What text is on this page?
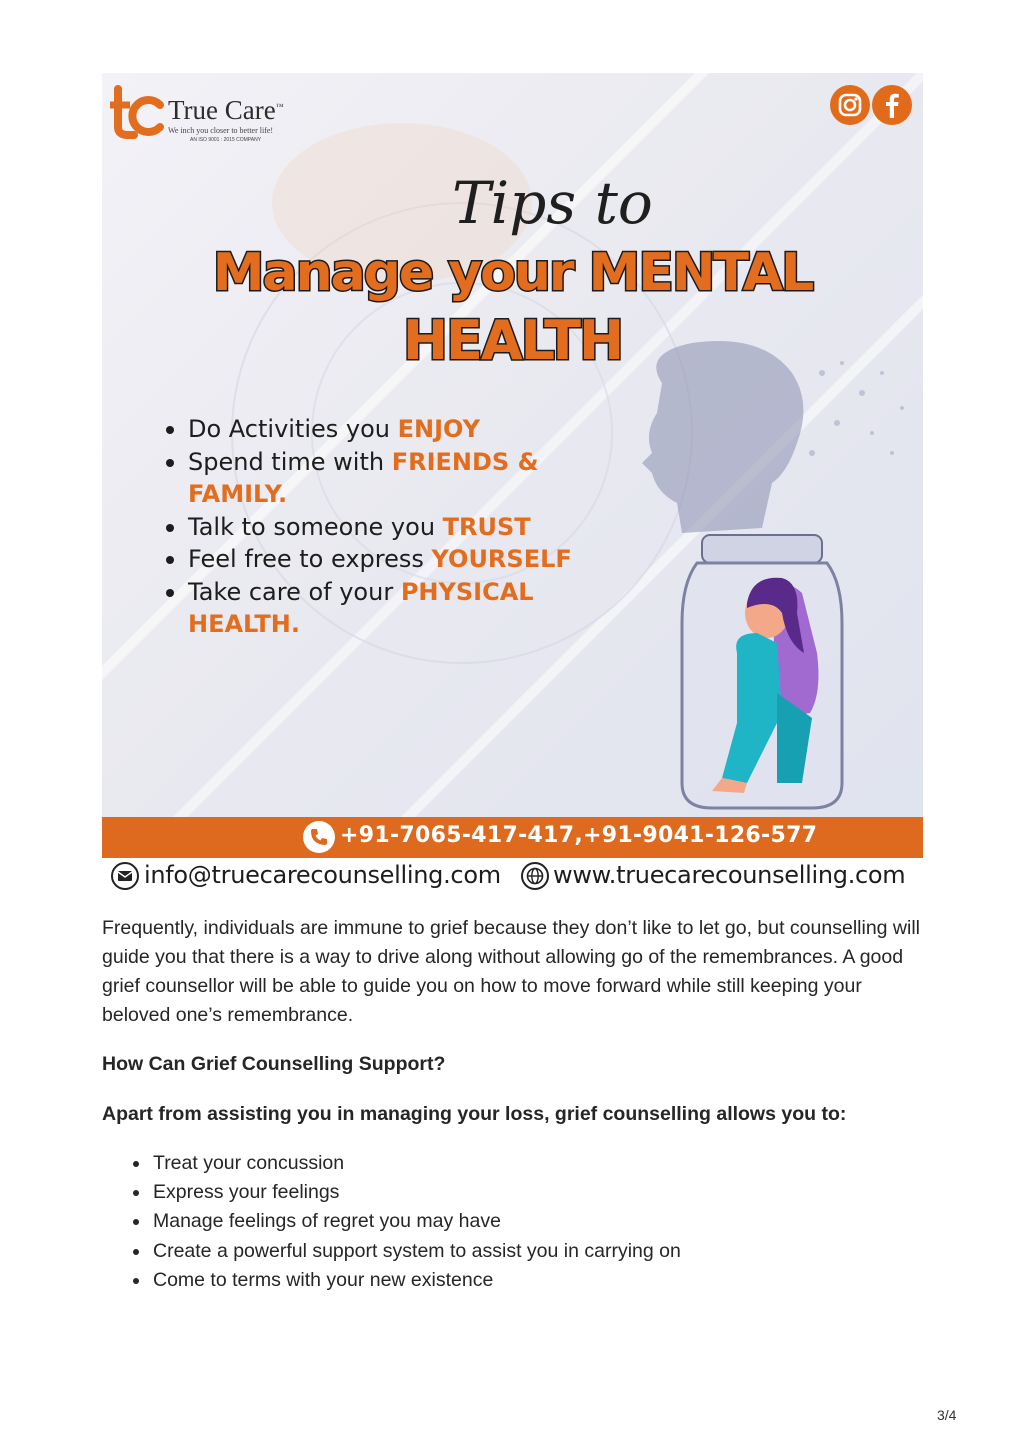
True Care™
We inch you closer to better life!
AN ISO 9001 : 2015 COMPANY
Tips to
Manage your MENTAL
HEALTH
Do Activities you ENJOY
Spend time with FRIENDS & FAMILY.
Talk to someone you TRUST
Feel free to express YOURSELF
Take care of your PHYSICAL HEALTH.
+91-7065-417-417,+91-9041-126-577
info@truecarecounselling.com www.truecarecounselling.com

Frequently, individuals are immune to grief because they don’t like to let go, but counselling will guide you that there is a way to drive along without allowing go of the remembrances. A good grief counsellor will be able to guide you on how to move forward while still keeping your beloved one’s remembrance.

How Can Grief Counselling Support?
Apart from assisting you in managing your loss, grief counselling allows you to:
Treat your concussion
Express your feelings
Manage feelings of regret you may have
Create a powerful support system to assist you in carrying on
Come to terms with your new existence
3/4
